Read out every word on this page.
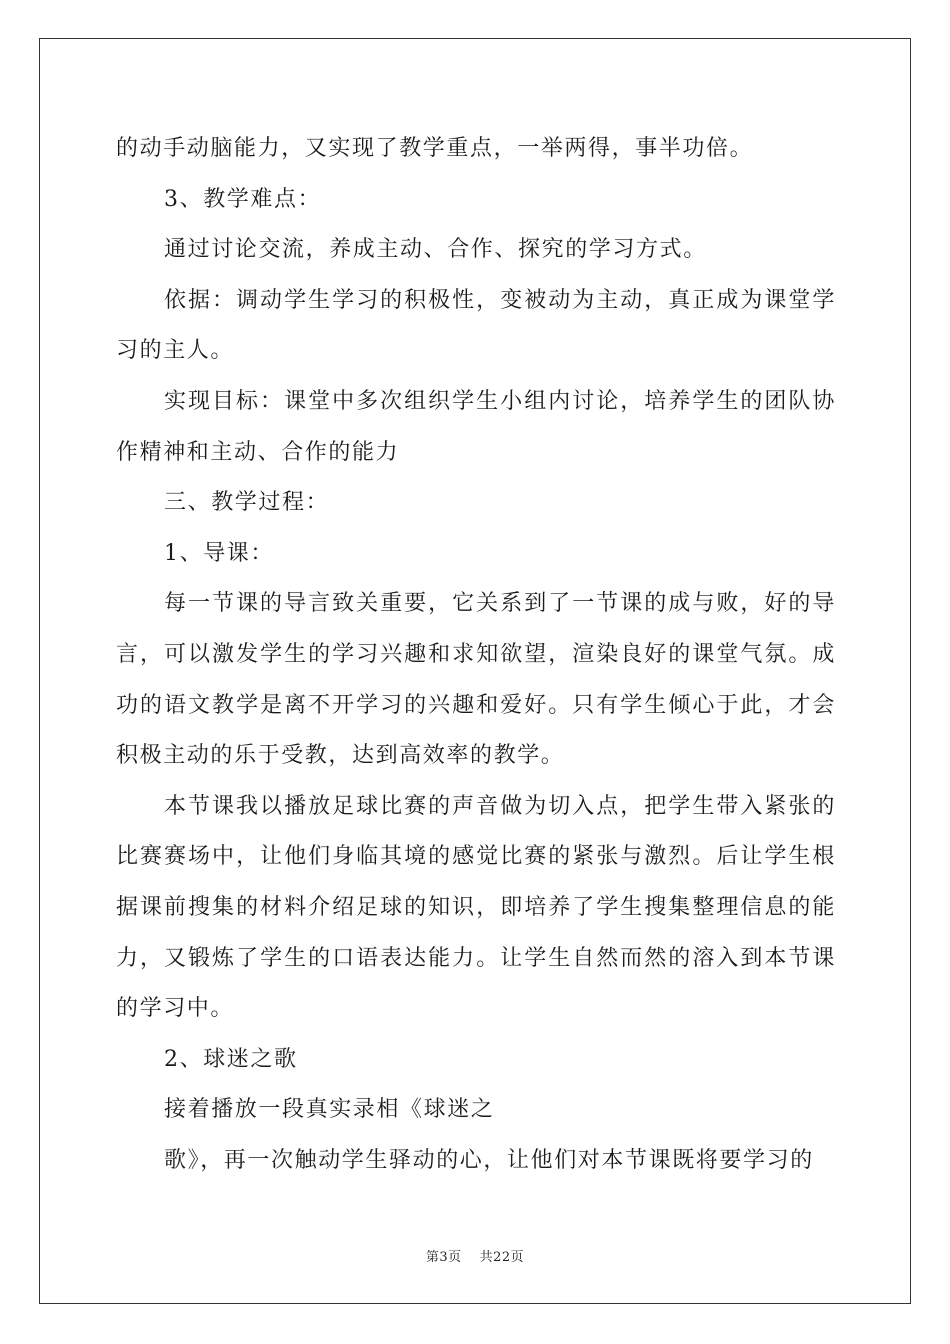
的动手动脑能力，又实现了教学重点，一举两得，事半功倍。

3、教学难点：

通过讨论交流，养成主动、合作、探究的学习方式。

依据：调动学生学习的积极性，变被动为主动，真正成为课堂学习的主人。

实现目标：课堂中多次组织学生小组内讨论，培养学生的团队协作精神和主动、合作的能力

三、教学过程：

1、导课：

每一节课的导言致关重要，它关系到了一节课的成与败，好的导言，可以激发学生的学习兴趣和求知欲望，渲染良好的课堂气氛。成功的语文教学是离不开学习的兴趣和爱好。只有学生倾心于此，才会积极主动的乐于受教，达到高效率的教学。

本节课我以播放足球比赛的声音做为切入点，把学生带入紧张的比赛赛场中，让他们身临其境的感觉比赛的紧张与激烈。后让学生根据课前搜集的材料介绍足球的知识，即培养了学生搜集整理信息的能力，又锻炼了学生的口语表达能力。让学生自然而然的溶入到本节课的学习中。

2、球迷之歌

接着播放一段真实录相《球迷之

歌》，再一次触动学生驿动的心，让他们对本节课既将要学习的

第3页 共22页
